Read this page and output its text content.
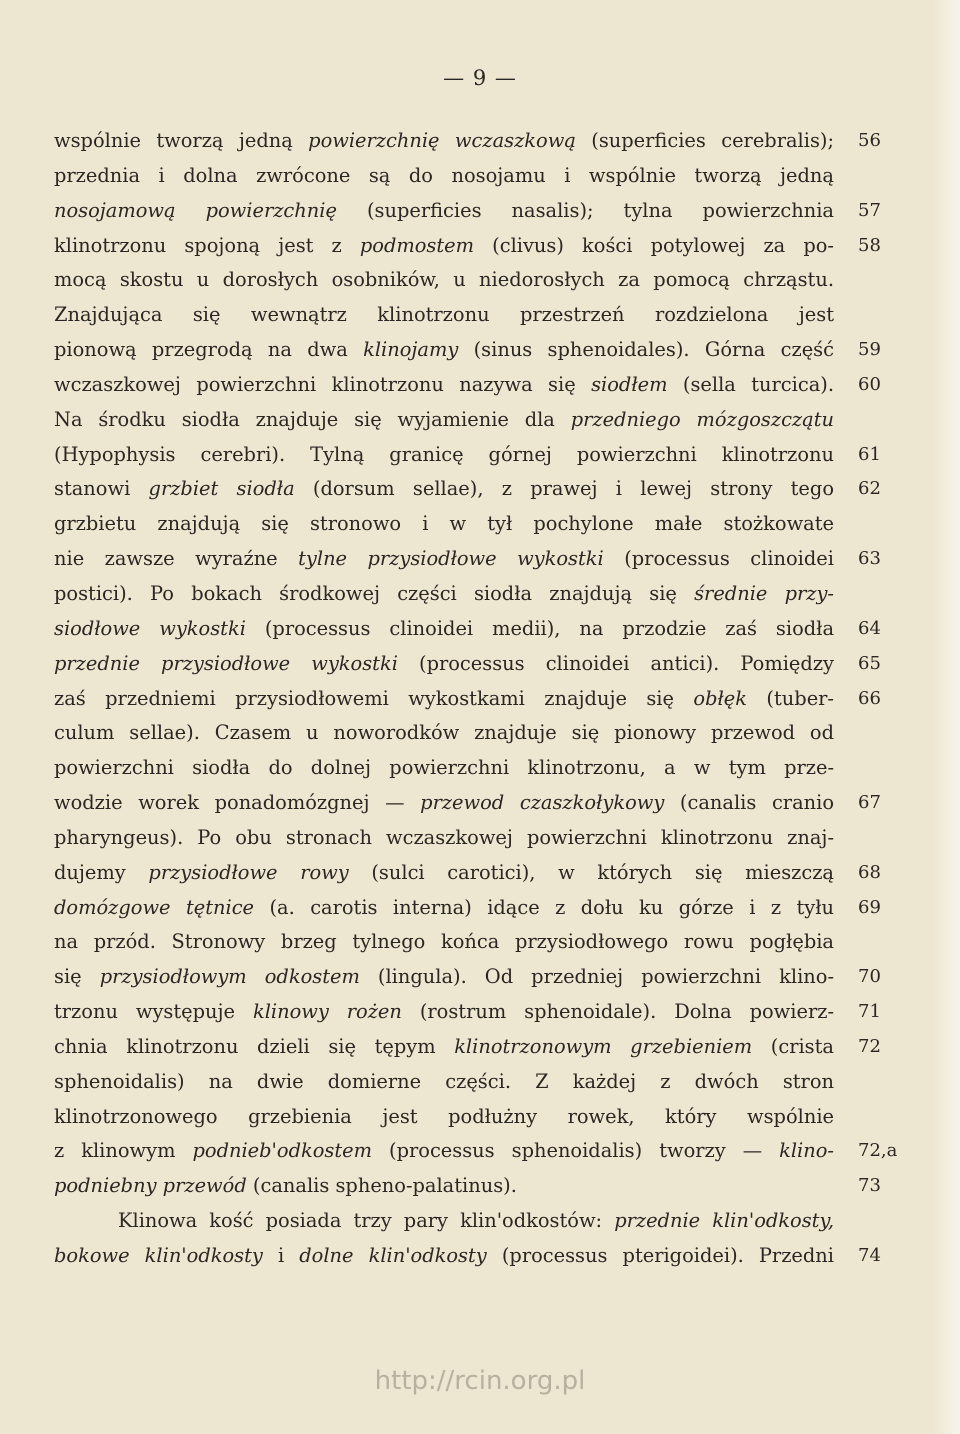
— 9 —
wspólnie tworzą jedną powierzchnię wczaszkową (superficies cerebralis);
przednia i dolna zwrócone są do nosojamu i wspólnie tworzą jedną
nosojamową powierzchnię (superficies nasalis); tylna powierzchnia
klinotrzonu spojoną jest z podmostem (clivus) kości potylowej za po-
mocą skostu u dorosłych osobników, u niedorosłych za pomocą chrząstu.
Znajdująca się wewnątrz klinotrzonu przestrzeń rozdzielona jest
pionową przegrodą na dwa klinojamy (sinus sphenoidales). Górna część
wczaszkowej powierzchni klinotrzonu nazywa się siodłem (sella turcica).
Na środku siodła znajduje się wyjamienie dla przedniego mózgoszczątu
(Hypophysis cerebri). Tylną granicę górnej powierzchni klinotrzonu
stanowi grzbiet siodła (dorsum sellae), z prawej i lewej strony tego
grzbietu znajdują się stronowo i w tył pochylone małe stożkowate
nie zawsze wyraźne tylne przysiodłowe wykostki (processus clinoidei
postici). Po bokach środkowej części siodła znajdują się średnie przy-
siodłowe wykostki (processus clinoidei medii), na przodzie zaś siodła
przednie przysiodłowe wykostki (processus clinoidei antici). Pomiędzy
zaś przedniemi przysiodłowemi wykostkami znajduje się obłęk (tuber-
culum sellae). Czasem u noworodków znajduje się pionowy przewod od
powierzchni siodła do dolnej powierzchni klinotrzonu, a w tym prze-
wodzie worek ponadomózgnej — przewod czaszkołykowy (canalis cranio
pharyngeus). Po obu stronach wczaszkowej powierzchni klinotrzonu znaj-
dujemy przysiodłowe rowy (sulci carotici), w których się mieszczą
domózgowe tętnice (a. carotis interna) idące z dołu ku górze i z tyłu
na przód. Stronowy brzeg tylnego końca przysiodłowego rowu pogłębia
się przysiodłowym odkostem (lingula). Od przedniej powierzchni klino-
trzonu występuje klinowy rożen (rostrum sphenoidale). Dolna powierz-
chnia klinotrzonu dzieli się tępym klinotrzonowym grzebieniem (crista
sphenoidalis) na dwie domierne części. Z każdej z dwóch stron
klinotrzonowego grzebienia jest podłużny rowek, który wspólnie
z klinowym podnieb'odkostem (processus sphenoidalis) tworzy — klino-
podniebny przewód (canalis spheno-palatinus).
Klinowa kość posiada trzy pary klin'odkostów: przednie klin'odkosty,
bokowe klin'odkosty i dolne klin'odkosty (processus pterigoidei). Przedni
56
57
58
59
60
61
62
63
64
65
66
67
68
69
70
71
72
72,a
73
74
http://rcin.org.pl
